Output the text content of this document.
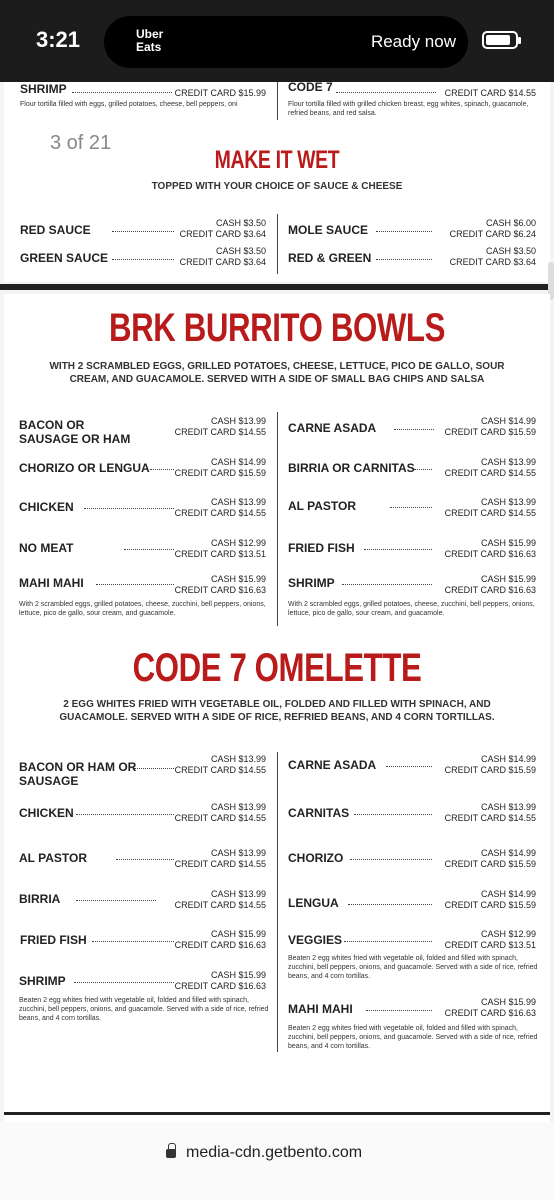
3:21	Uber
Eats	Ready now
SHRIMP	CREDIT CARD $15.99
Flour tortilla filled with eggs, grilled potatoes, cheese, bell peppers, oni
CODE 7	CREDIT CARD $14.55
Flour tortilla filled with grilled chicken breast, egg whites, spinach, guacamole, refried beans, and red salsa.
3 of 21
MAKE IT WET
TOPPED WITH YOUR CHOICE OF SAUCE & CHEESE
RED SAUCE	CASH $3.50
CREDIT CARD $3.64
GREEN SAUCE	CASH $3.50
CREDIT CARD $3.64
MOLE SAUCE	CASH $6.00
CREDIT CARD $6.24
RED & GREEN	CASH $3.50
CREDIT CARD $3.64
BRK BURRITO BOWLS
WITH 2 SCRAMBLED EGGS, GRILLED POTATOES, CHEESE, LETTUCE, PICO DE GALLO, SOUR
CREAM, AND GUACAMOLE. SERVED WITH A SIDE OF SMALL BAG CHIPS AND SALSA
BACON OR
SAUSAGE OR HAM
CASH $13.99
CREDIT CARD $14.55
CHORIZO OR LENGUA	CASH $14.99
CREDIT CARD $15.59
CHICKEN	CASH $13.99
CREDIT CARD $14.55
NO MEAT	CASH $12.99
CREDIT CARD $13.51
MAHI MAHI	CASH $15.99
CREDIT CARD $16.63
With 2 scrambled eggs, grilled potatoes, cheese, zucchini, bell peppers, onions, lettuce, pico de gallo, sour cream, and guacamole.
CARNE ASADA	CASH $14.99
CREDIT CARD $15.59
BIRRIA OR CARNITAS	CASH $13.99
CREDIT CARD $14.55
AL PASTOR	CASH $13.99
CREDIT CARD $14.55
FRIED FISH	CASH $15.99
CREDIT CARD $16.63
SHRIMP	CASH $15.99
CREDIT CARD $16.63
With 2 scrambled eggs, grilled potatoes, cheese, zucchini, bell peppers, onions, lettuce, pico de gallo, sour cream, and guacamole.
CODE 7 OMELETTE
2 EGG WHITES FRIED WITH VEGETABLE OIL, FOLDED AND FILLED WITH SPINACH, AND
GUACAMOLE. SERVED WITH A SIDE OF RICE, REFRIED BEANS, AND 4 CORN TORTILLAS.
BACON OR HAM OR
SAUSAGE
CASH $13.99
CREDIT CARD $14.55
CHICKEN	CASH $13.99
CREDIT CARD $14.55
AL PASTOR	CASH $13.99
CREDIT CARD $14.55
BIRRIA	CASH $13.99
CREDIT CARD $14.55
FRIED FISH	CASH $15.99
CREDIT CARD $16.63
SHRIMP	CASH $15.99
CREDIT CARD $16.63
Beaten 2 egg whites fried with vegetable oil, folded and filled with spinach, zucchini, bell peppers, onions, and guacamole. Served with a side of rice, refried beans, and 4 corn tortillas.
CARNE ASADA	CASH $14.99
CREDIT CARD $15.59
CARNITAS	CASH $13.99
CREDIT CARD $14.55
CHORIZO	CASH $14.99
CREDIT CARD $15.59
LENGUA
CASH $14.99
CREDIT CARD $15.59
VEGGIES	CASH $12.99
CREDIT CARD $13.51
Beaten 2 egg whites fried with vegetable oil, folded and filled with spinach, zucchini, bell peppers, onions, and guacamole. Served with a side of rice, refried beans, and 4 corn tortillas.
MAHI MAHI	CASH $15.99
CREDIT CARD $16.63
Beaten 2 egg whites fried with vegetable oil, folded and filled with spinach, zucchini, bell peppers, onions, and guacamole. Served with a side of rice, refried beans, and 4 corn tortillas.
media-cdn.getbento.com
